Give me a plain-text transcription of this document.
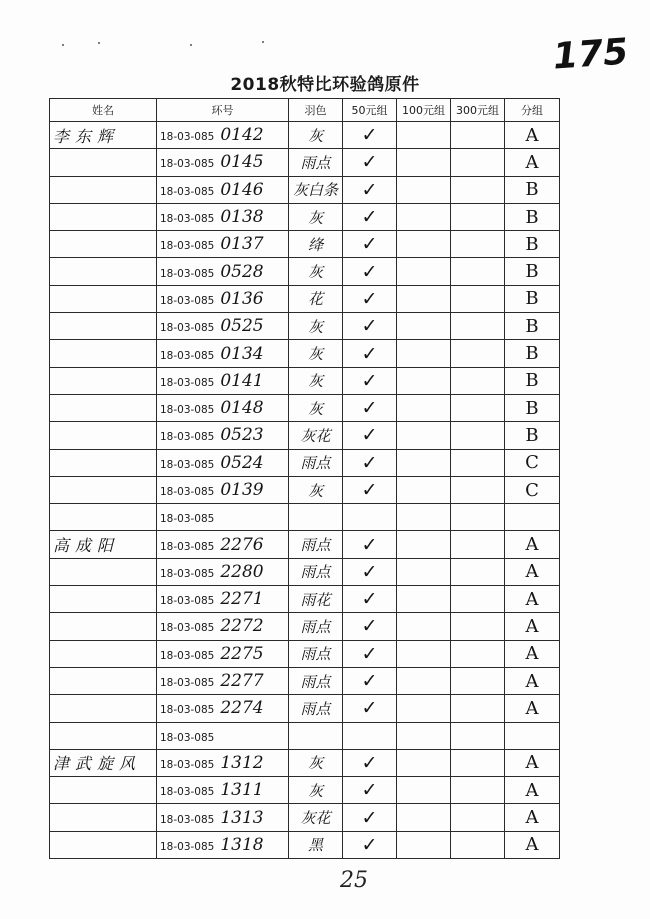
175
2018秋特比环验鸽原件
姓名	环号	羽色	50元组	100元组	300元组	分组
李东辉	18-03-085 0142	灰	✓			A
	18-03-085 0145	雨点	✓			A
	18-03-085 0146	灰白条	✓			B
	18-03-085 0138	灰	✓			B
	18-03-085 0137	绛	✓			B
	18-03-085 0528	灰	✓			B
	18-03-085 0136	花	✓			B
	18-03-085 0525	灰	✓			B
	18-03-085 0134	灰	✓			B
	18-03-085 0141	灰	✓			B
	18-03-085 0148	灰	✓			B
	18-03-085 0523	灰花	✓			B
	18-03-085 0524	雨点	✓			C
	18-03-085 0139	灰	✓			C
	18-03-085					
高成阳	18-03-085 2276	雨点	✓			A
	18-03-085 2280	雨点	✓			A
	18-03-085 2271	雨花	✓			A
	18-03-085 2272	雨点	✓			A
	18-03-085 2275	雨点	✓			A
	18-03-085 2277	雨点	✓			A
	18-03-085 2274	雨点	✓			A
	18-03-085					
津武旋风	18-03-085 1312	灰	✓			A
	18-03-085 1311	灰	✓			A
	18-03-085 1313	灰花	✓			A
	18-03-085 1318	黑	✓			A
25
